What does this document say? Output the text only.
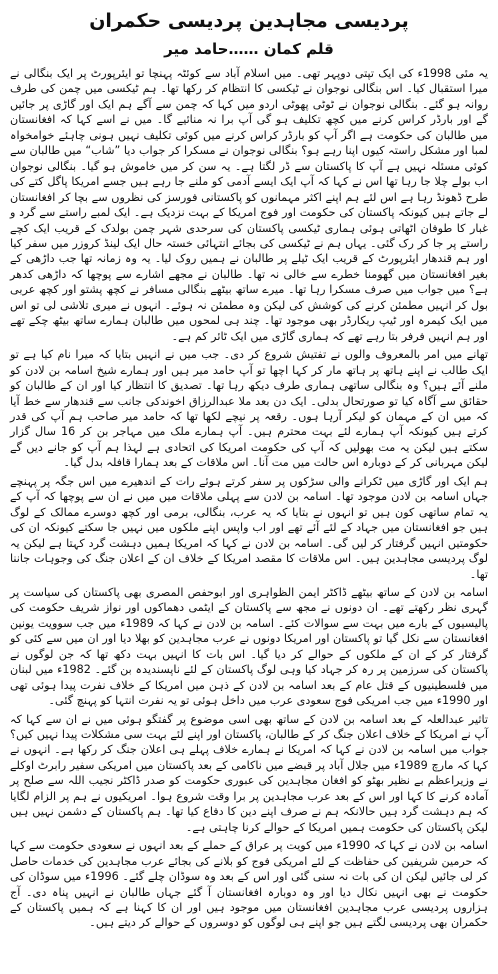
پردیسی مجاہدین پردیسی حکمران
قلم کمان ……حامد میر

یہ مئی 1998ء کی ایک تپتی دوپہر تھی۔ میں اسلام آباد سے کوئٹہ پہنچا تو ایئرپورٹ پر ایک بنگالی نے میرا استقبال کیا۔ اس بنگالی نوجوان نے ٹیکسی کا انتظام کر رکھا تھا۔ ہم ٹیکسی میں چمن کی طرف روانہ ہو گئے۔ بنگالی نوجوان نے ٹوٹی پھوٹی اردو میں کہا کہ چمن سے آگے ہم ایک اور گاڑی پر جائیں گے اور بارڈر کراس کرنے میں کچھ تکلیف ہو گی آپ برا نہ منائیے گا۔ میں نے اسے کہا کہ افغانستان میں طالبان کی حکومت ہے اگر آپ کو بارڈر کراس کرنے میں کوئی تکلیف نہیں ہونی چاہئے خوامخواہ لمبا اور مشکل راستہ کیوں اپنا رہے ہو؟ بنگالی نوجوان نے مسکرا کر جواب دیا ”شاب“ میں طالبان سے کوئی مسئلہ نہیں ہے آپ کا پاکستان سے ڈر لگتا ہے۔ یہ سن کر میں خاموش ہو گیا۔ بنگالی نوجوان اب بولے چلا جا رہا تھا اس نے کہا کہ آپ ایک ایسے آدمی کو ملنے جا رہے ہیں جسے امریکا پاگل کتے کی طرح ڈھونڈ رہا ہے اس لئے ہم اپنے اکثر مہمانوں کو پاکستانی فورسز کی نظروں سے بچا کر افغانستان لے جاتے ہیں کیونکہ پاکستان کی حکومت اور فوج امریکا کے بہت نزدیک ہے۔ ایک لمبے راستے سے گرد و غبار کا طوفان اٹھاتی ہوئی ہماری ٹیکسی پاکستان کی سرحدی شہر چمن بولدک کے قریب ایک کچے راستے پر جا کر رک گئی۔ یہاں ہم نے ٹیکسی کی بجائے انتہائی خستہ حال ایک لینڈ کروزر میں سفر کیا اور ہم قندھار ایئرپورٹ کے قریب ایک ٹیلے پر طالبان نے ہمیں روک لیا۔ یہ وہ زمانہ تھا جب داڑھی کے بغیر افغانستان میں گھومنا خطرے سے خالی نہ تھا۔ طالبان نے مجھے اشارے سے پوچھا کہ داڑھی کدھر ہے؟ میں جواب میں صرف مسکرا رہا تھا۔ میرے ساتھ بیٹھے بنگالی مسافر نے کچھ پشتو اور کچھ عربی بول کر انہیں مطمئن کرنے کی کوشش کی لیکن وہ مطمئن نہ ہوئے۔ انہوں نے میری تلاشی لی تو اس میں ایک کیمرہ اور ٹیپ ریکارڈر بھی موجود تھا۔ چند ہی لمحوں میں طالبان ہمارے ساتھ بیٹھ چکے تھے اور ہم انہیں فرفر بتا رہے تھے کہ ہماری گاڑی میں ایک ٹائر کم ہے۔

تھانے میں امر بالمعروف والوں نے تفتیش شروع کر دی۔ جب میں نے انہیں بتایا کہ میرا نام کیا ہے تو ایک طالب نے اپنے ہاتھ پر ہاتھ مار کر کہا اچھا تو آپ حامد میر ہیں اور ہمارے شیخ اسامہ بن لادن کو ملنے آئے ہیں؟ وہ بنگالی ساتھی ہماری طرف دیکھ رہا تھا۔ تصدیق کا انتظار کیا اور ان کے طالبان کو حقائق سے آگاہ کیا تو صورتحال بدلی۔ ایک دن بعد ملا عبدالرزاق اخوندکی جانب سے قندھار سے خط آیا کہ میں ان کے مہمان کو لیکر آرہا ہوں۔ رقعہ پر نیچے لکھا تھا کہ حامد میر صاحب ہم آپ کی قدر کرتے ہیں کیونکہ آپ ہمارے لئے بہت محترم ہیں۔ آپ ہمارے ملک میں مہاجر بن کر 16 سال گزار سکتے ہیں لیکن یہ مت بھولیں کہ آپ کی حکومت امریکا کی اتحادی ہے لہذا ہم آپ کو جانے دیں گے لیکن مہربانی کر کے دوبارہ اس حالت میں مت آنا۔ اس ملاقات کے بعد ہمارا قافلہ بدل گیا۔

ہم ایک اور گاڑی میں ٹکرانے والی سڑکوں پر سفر کرتے ہوئے رات کے اندھیرے میں اس جگہ پر پہنچے جہاں اسامہ بن لادن موجود تھا۔ اسامہ بن لادن سے پہلی ملاقات میں میں نے ان سے پوچھا کہ آپ کے یہ تمام ساتھی کون ہیں تو انہوں نے بتایا کہ یہ عرب، بنگالی، برمی اور کچھ دوسرے ممالک کے لوگ ہیں جو افغانستان میں جہاد کے لئے آئے تھے اور اب واپس اپنے ملکوں میں نہیں جا سکتے کیونکہ ان کی حکومتیں انہیں گرفتار کر لیں گی۔ اسامہ بن لادن نے کہا کہ امریکا ہمیں دہشت گرد کہتا ہے لیکن یہ لوگ پردیسی مجاہدین ہیں۔ اس ملاقات کا مقصد امریکا کے خلاف ان کے اعلان جنگ کی وجوہات جاننا تھا۔

اسامہ بن لادن کے ساتھ بیٹھے ڈاکٹر ایمن الظواہری اور ابوحفص المصری بھی پاکستان کی سیاست پر گہری نظر رکھتے تھے۔ ان دونوں نے مجھ سے پاکستان کے ایٹمی دھماکوں اور نواز شریف حکومت کی پالیسیوں کے بارے میں بہت سے سوالات کئے۔ اسامہ بن لادن نے کہا کہ 1989ء میں جب سوویت یونین افغانستان سے نکل گیا تو پاکستان اور امریکا دونوں نے عرب مجاہدین کو بھلا دیا اور ان میں سے کئی کو گرفتار کر کے ان کے ملکوں کے حوالے کر دیا گیا۔ اس بات کا انہیں بہت دکھ تھا کہ جن لوگوں نے پاکستان کی سرزمین پر رہ کر جہاد کیا وہی لوگ پاکستان کے لئے ناپسندیدہ بن گئے۔ 1982ء میں لبنان میں فلسطینیوں کے قتل عام کے بعد اسامہ بن لادن کے ذہن میں امریکا کے خلاف نفرت پیدا ہوئی تھی اور 1990ء میں جب امریکی فوج سعودی عرب میں داخل ہوئی تو یہ نفرت انتہا کو پہنچ گئی۔

تاثیر عبدالعلہ کے بعد اسامہ بن لادن کے ساتھ بھی اسی موضوع پر گفتگو ہوئی میں نے ان سے کہا کہ آپ نے امریکا کے خلاف اعلان جنگ کر کے طالبان، پاکستان اور اپنے لئے بہت سی مشکلات پیدا نہیں کیں؟ جواب میں اسامہ بن لادن نے کہا کہ امریکا نے ہمارے خلاف پہلے ہی اعلان جنگ کر رکھا ہے۔ انہوں نے کہا کہ مارچ 1989ء میں جلال آباد پر قبضے میں ناکامی کے بعد پاکستان میں امریکی سفیر رابرٹ اوکلے نے وزیراعظم بے نظیر بھٹو کو افغان مجاہدین کی عبوری حکومت کو صدر ڈاکٹر نجیب اللہ سے صلح پر آمادہ کرنے کا کہا اور اس کے بعد عرب مجاہدین پر برا وقت شروع ہوا۔ امریکیوں نے ہم پر الزام لگایا کہ ہم دہشت گرد ہیں حالانکہ ہم نے صرف اپنے دین کا دفاع کیا تھا۔ ہم پاکستان کے دشمن نہیں ہیں لیکن پاکستان کی حکومت ہمیں امریکا کے حوالے کرنا چاہتی ہے۔

اسامہ بن لادن نے کہا کہ 1990ء میں کویت پر عراق کے حملے کے بعد انہوں نے سعودی حکومت سے کہا کہ حرمین شریفین کی حفاظت کے لئے امریکی فوج کو بلانے کی بجائے عرب مجاہدین کی خدمات حاصل کر لی جائیں لیکن ان کی بات نہ سنی گئی اور اس کے بعد وہ سوڈان چلے گئے۔ 1996ء میں سوڈان کی حکومت نے بھی انہیں نکال دیا اور وہ دوبارہ افغانستان آ گئے جہاں طالبان نے انہیں پناہ دی۔ آج ہزاروں پردیسی عرب مجاہدین افغانستان میں موجود ہیں اور ان کا کہنا ہے کہ ہمیں پاکستان کے حکمران بھی پردیسی لگتے ہیں جو اپنے ہی لوگوں کو دوسروں کے حوالے کر دیتے ہیں۔
